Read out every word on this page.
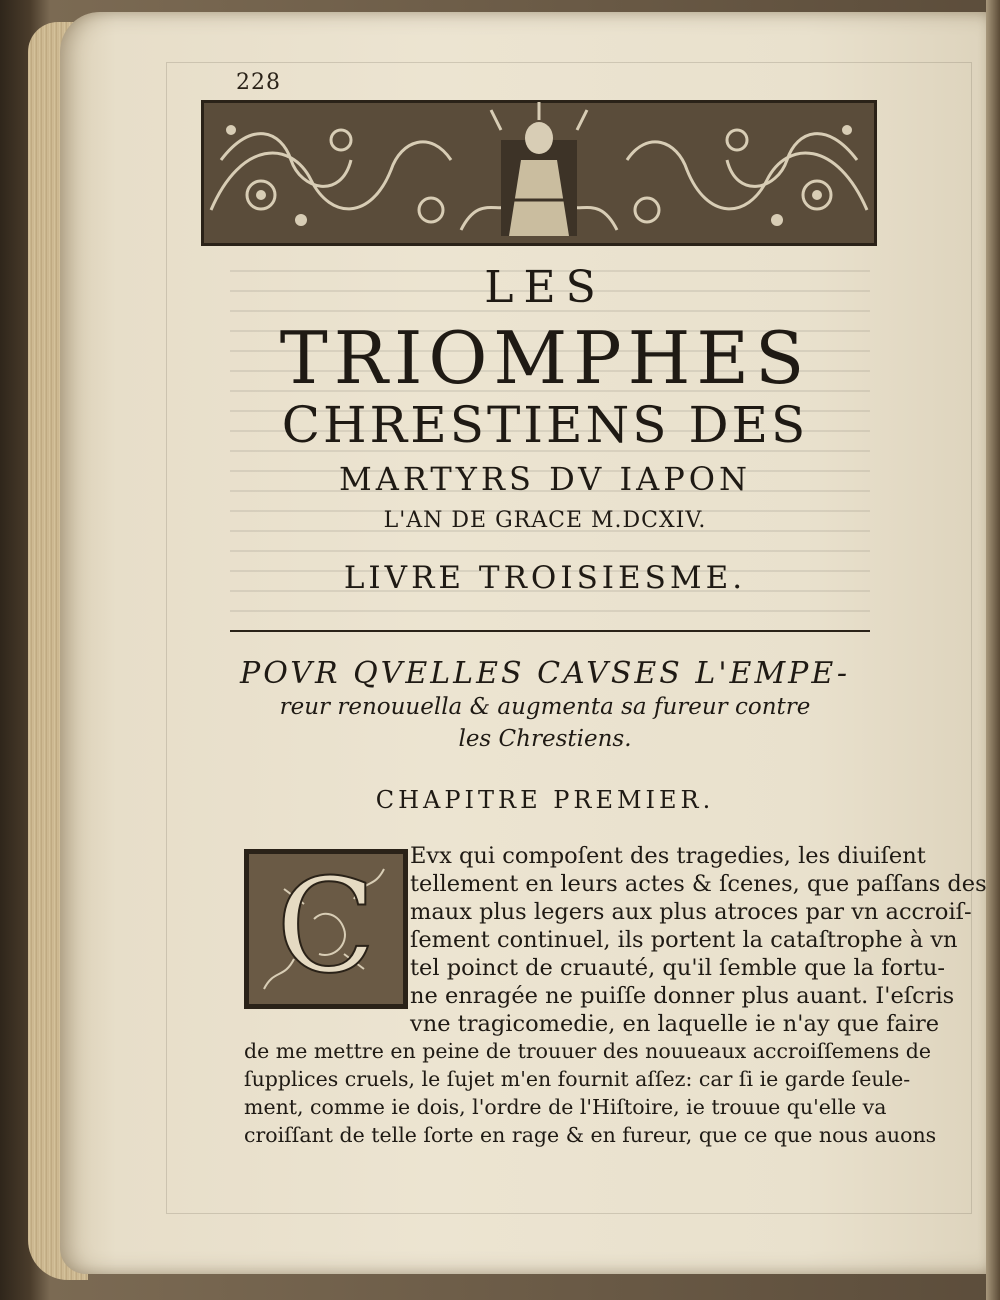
228
LES
TRIOMPHES
CHRESTIENS DES
MARTYRS DV IAPON
L'AN DE GRACE M.DCXIV.
LIVRE TROISIESME.
POVR QVELLES CAVSES L'EMPE-
reur renouuella & augmenta sa fureur contre
les Chrestiens.
CHAPITRE PREMIER.
C Evx qui compoſent des tragedies, les diuiſent
tellement en leurs actes & ſcenes, que paſſans des
maux plus legers aux plus atroces par vn accroiſ-
ſement continuel, ils portent la cataſtrophe à vn
tel poinct de cruauté, qu'il ſemble que la fortu-
ne enragée ne puiſſe donner plus auant. I'eſcris
vne tragicomedie, en laquelle ie n'ay que faire
de me mettre en peine de trouuer des nouueaux accroiſſemens de
ſupplices cruels, le ſujet m'en fournit aſſez: car ſi ie garde ſeule-
ment, comme ie dois, l'ordre de l'Hiſtoire, ie trouue qu'elle va
croiſſant de telle ſorte en rage & en fureur, que ce que nous auons
